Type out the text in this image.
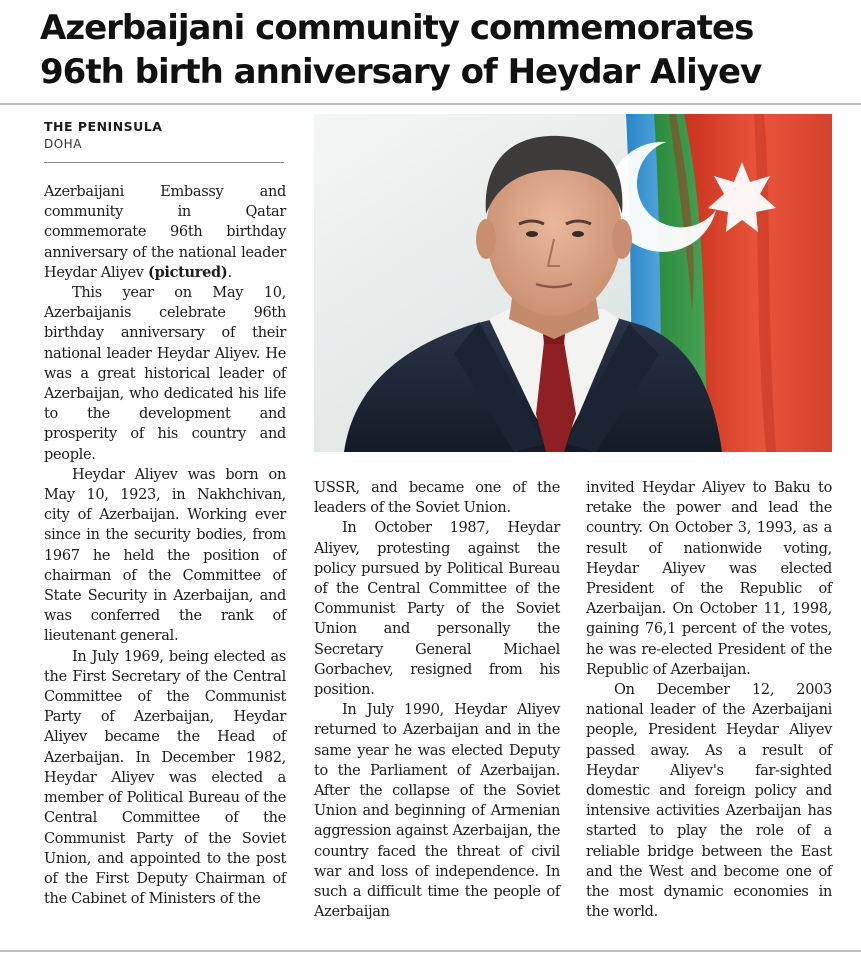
Azerbaijani community commemorates
96th birth anniversary of Heydar Aliyev
THE PENINSULA
DOHA

Azerbaijani Embassy and community in Qatar commemorate 96th birthday anniversary of the national leader Heydar Aliyev (pictured).

This year on May 10, Azerbaijanis celebrate 96th birthday anniversary of their national leader Heydar Aliyev. He was a great historical leader of Azerbaijan, who dedicated his life to the development and prosperity of his country and people.

Heydar Aliyev was born on May 10, 1923, in Nakhchivan, city of Azerbaijan. Working ever since in the security bodies, from 1967 he held the position of chairman of the Committee of State Security in Azerbaijan, and was conferred the rank of lieutenant general.

In July 1969, being elected as the First Secretary of the Central Committee of the Communist Party of Azerbaijan, Heydar Aliyev became the Head of Azerbaijan. In December 1982, Heydar Aliyev was elected a member of Political Bureau of the Central Committee of the Communist Party of the Soviet Union, and appointed to the post of the First Deputy Chairman of the Cabinet of Ministers of the

USSR, and became one of the leaders of the Soviet Union.

In October 1987, Heydar Aliyev, protesting against the policy pursued by Political Bureau of the Central Committee of the Communist Party of the Soviet Union and personally the Secretary General Michael Gorbachev, resigned from his position.

In July 1990, Heydar Aliyev returned to Azerbaijan and in the same year he was elected Deputy to the Parliament of Azerbaijan. After the collapse of the Soviet Union and beginning of Armenian aggression against Azerbaijan, the country faced the threat of civil war and loss of independence. In such a difficult time the people of Azerbaijan

invited Heydar Aliyev to Baku to retake the power and lead the country. On October 3, 1993, as a result of nationwide voting, Heydar Aliyev was elected President of the Republic of Azerbaijan. On October 11, 1998, gaining 76,1 percent of the votes, he was re-elected President of the Republic of Azerbaijan.

On December 12, 2003 national leader of the Azerbaijani people, President Heydar Aliyev passed away. As a result of Heydar Aliyev's far-sighted domestic and foreign policy and intensive activities Azerbaijan has started to play the role of a reliable bridge between the East and the West and become one of the most dynamic economies in the world.
